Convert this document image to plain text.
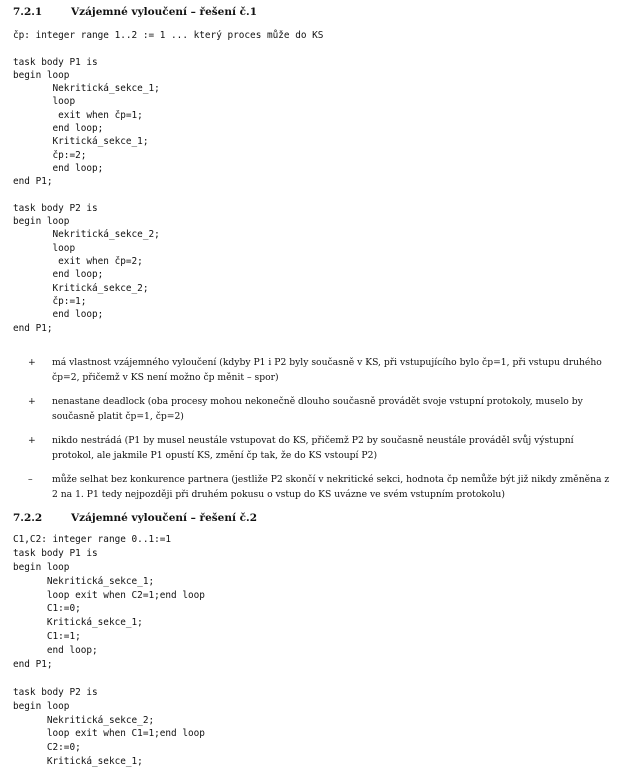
7.2.1	Vzájemné vyloučení – řešení č.1
čp: integer range 1..2 := 1 ... který proces může do KS
task body P1 is
begin loop
Nekritická_sekce_1;
loop
exit when čp=1;
end loop;
Kritická_sekce_1;
čp:=2;
end loop;
end P1;
task body P2 is
begin loop
Nekritická_sekce_2;
loop
exit when čp=2;
end loop;
Kritická_sekce_2;
čp:=1;
end loop;
end P1;
+	má vlastnost vzájemného vyloučení (kdyby P1 i P2 byly současně v KS, při vstupujícího bylo čp=1, při vstupu druhého čp=2, přičemž v KS není možno čp měnit – spor)
+	nenastane deadlock (oba procesy mohou nekonečně dlouho současně provádět svoje vstupní protokoly, muselo by současně platit čp=1, čp=2)
+	nikdo nestrádá (P1 by musel neustále vstupovat do KS, přičemž P2 by současně neustále prováděl svůj výstupní protokol, ale jakmile P1 opustí KS, změní čp tak, že do KS vstoupí P2)
–	může selhat bez konkurence partnera (jestliže P2 skončí v nekritické sekci, hodnota čp nemůže být již nikdy změněna z 2 na 1. P1 tedy nejpozději při druhém pokusu o vstup do KS uvázne ve svém vstupním protokolu)
7.2.2	Vzájemné vyloučení – řešení č.2
C1,C2: integer range 0..1:=1
task body P1 is
begin loop
Nekritická_sekce_1;
loop exit when C2=1;end loop
C1:=0;
Kritická_sekce_1;
C1:=1;
end loop;
end P1;
task body P2 is
begin loop
Nekritická_sekce_2;
loop exit when C1=1;end loop
C2:=0;
Kritická_sekce_1;
